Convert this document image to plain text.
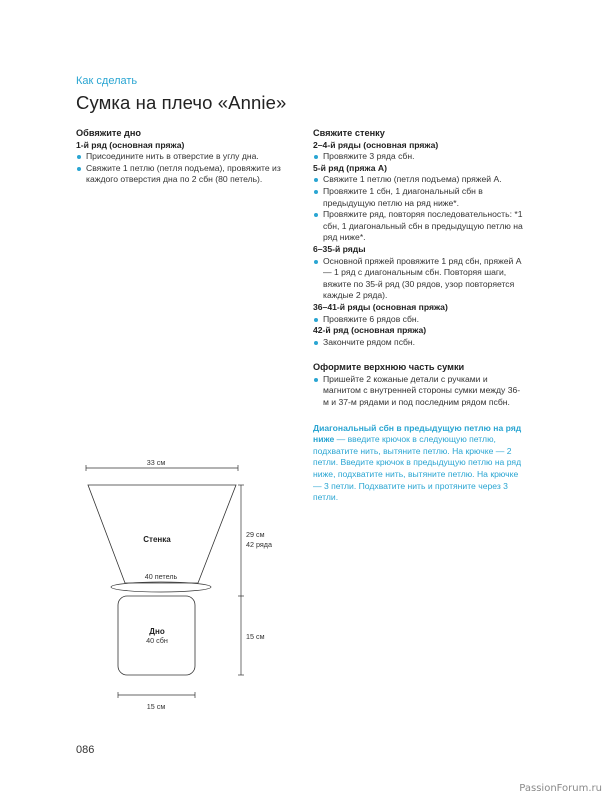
Как сделать
Сумка на плечо «Annie»

Обвяжите дно

1-й ряд (основная пряжа)

Присоедините нить в отверстие в углу дна.
Свяжите 1 петлю (петля подъема), провяжите из каждого отверстия дна по 2 сбн (80 петель).

Свяжите стенку

2–4-й ряды (основная пряжа)

Провяжите 3 ряда сбн.

5-й ряд (пряжа А)

Свяжите 1 петлю (петля подъема) пряжей А.
Провяжите 1 сбн, 1 диагональный сбн в предыдущую петлю на ряд ниже*.
Провяжите ряд, повторяя последовательность: *1 сбн, 1 диагональный сбн в предыдущую петлю на ряд ниже*.

6–35-й ряды

Основной пряжей провяжите 1 ряд сбн, пряжей А — 1 ряд с диагональным сбн. Повторяя шаги, вяжите по 35-й ряд (30 рядов, узор повторяется каждые 2 ряда).

36–41-й ряды (основная пряжа)

Провяжите 6 рядов сбн.

42-й ряд (основная пряжа)

Закончите рядом псбн.

Оформите верхнюю часть сумки

Пришейте 2 кожаные детали с ручками и магнитом с внутренней стороны сумки между 36-м и 37-м рядами и под последним рядом псбн.

Диагональный сбн в предыдущую петлю на ряд ниже — введите крючок в следующую петлю, подхватите нить, вытяните петлю. На крючке — 2 петли. Введите крючок в предыдущую петлю на ряд ниже, подхватите нить, вытяните петлю. На крючке — 3 петли. Подхватите нить и протяните через 3 петли.

33 см
Стенка
40 петель
Дно
40 сбн
29 см
42 ряда
15 см
15 см
086
PassionForum.ru
